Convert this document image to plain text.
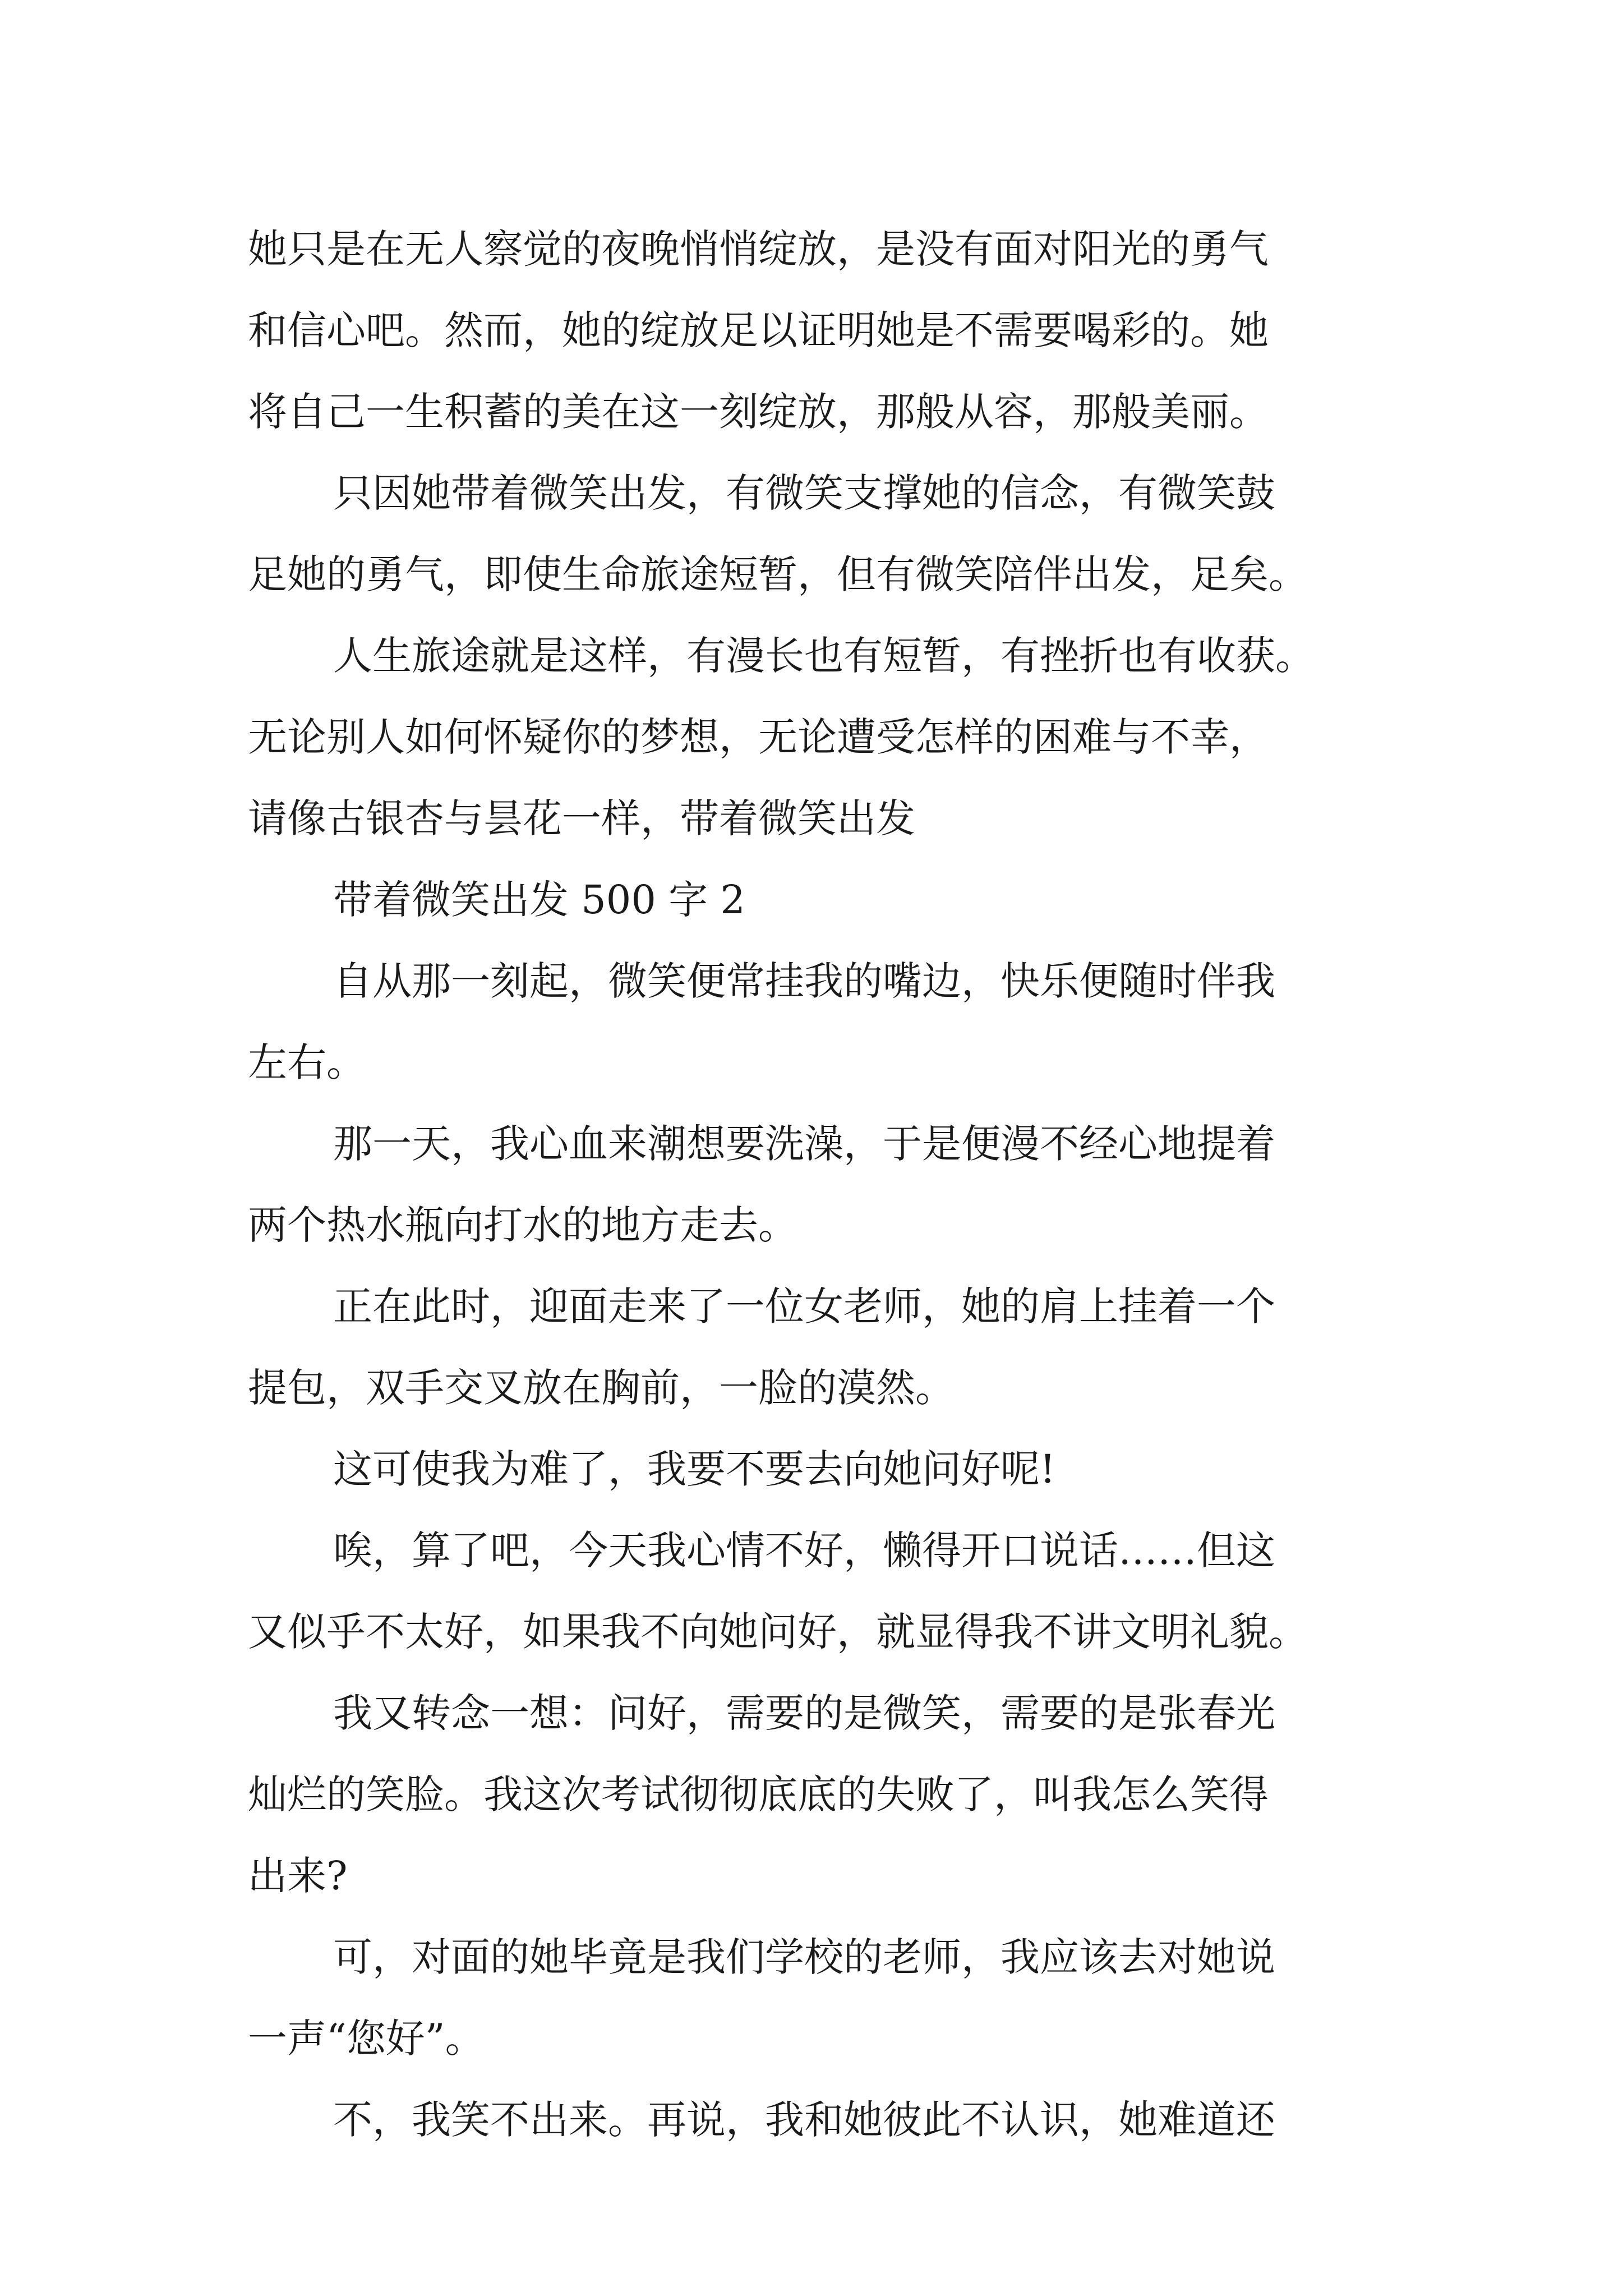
她只是在无人察觉的夜晚悄悄绽放，是没有面对阳光的勇气
和信心吧。然而，她的绽放足以证明她是不需要喝彩的。她
将自己一生积蓄的美在这一刻绽放，那般从容，那般美丽。
只因她带着微笑出发，有微笑支撑她的信念，有微笑鼓
足她的勇气，即使生命旅途短暂，但有微笑陪伴出发，足矣。
人生旅途就是这样，有漫长也有短暂，有挫折也有收获。
无论别人如何怀疑你的梦想，无论遭受怎样的困难与不幸，
请像古银杏与昙花一样，带着微笑出发
带着微笑出发 500 字 2
自从那一刻起，微笑便常挂我的嘴边，快乐便随时伴我
左右。
那一天，我心血来潮想要洗澡，于是便漫不经心地提着
两个热水瓶向打水的地方走去。
正在此时，迎面走来了一位女老师，她的肩上挂着一个
提包，双手交叉放在胸前，一脸的漠然。
这可使我为难了，我要不要去向她问好呢!
唉，算了吧，今天我心情不好，懒得开口说话……但这
又似乎不太好，如果我不向她问好，就显得我不讲文明礼貌。
我又转念一想：问好，需要的是微笑，需要的是张春光
灿烂的笑脸。我这次考试彻彻底底的失败了，叫我怎么笑得
出来?
可，对面的她毕竟是我们学校的老师，我应该去对她说
一声“您好”。
不，我笑不出来。再说，我和她彼此不认识，她难道还
